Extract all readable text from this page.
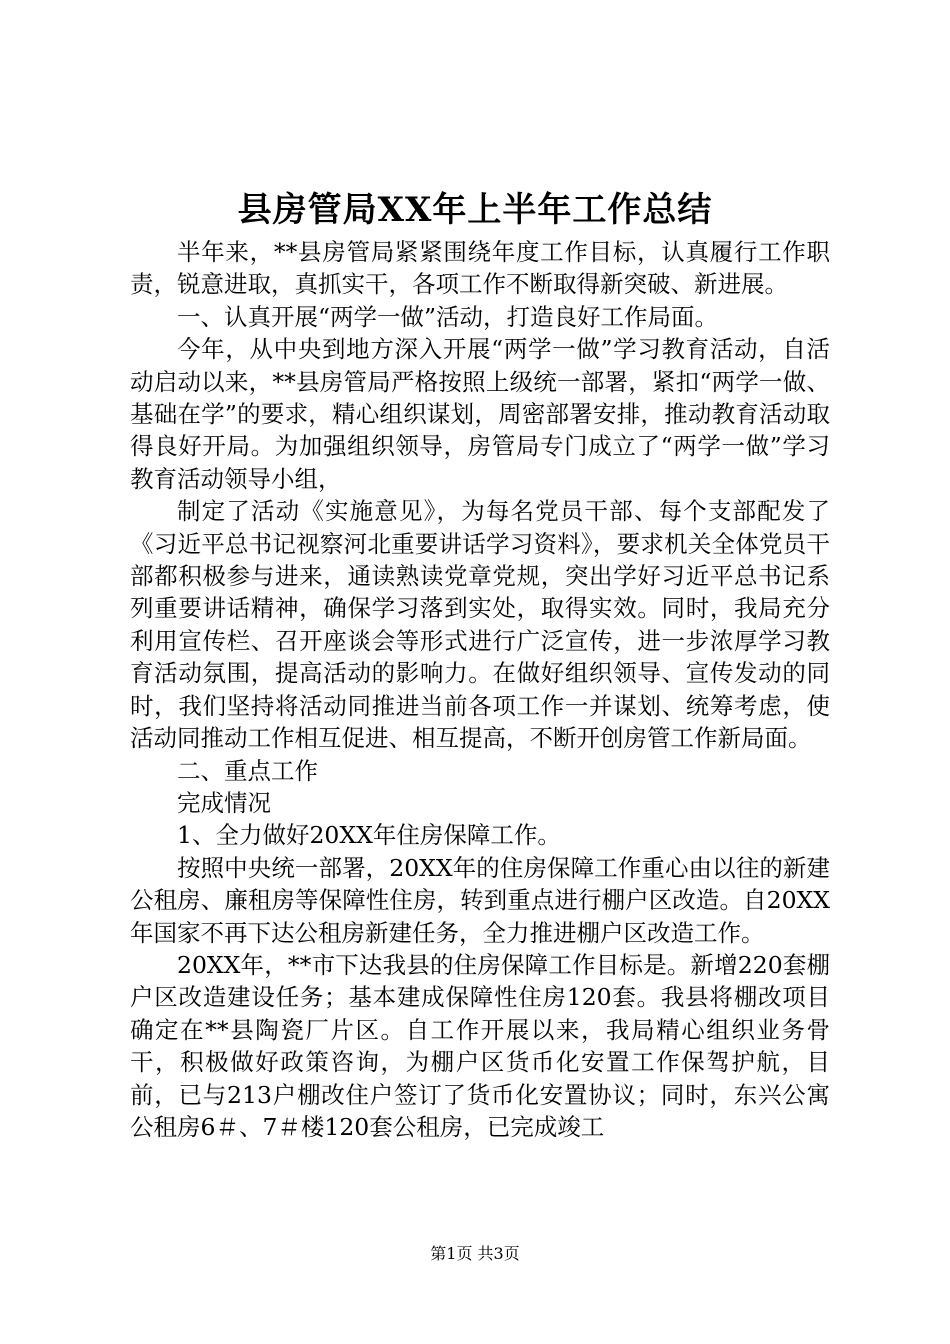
县房管局XX年上半年工作总结

半年来，**县房管局紧紧围绕年度工作目标，认真履行工作职责，锐意进取，真抓实干，各项工作不断取得新突破、新进展。

一、认真开展“两学一做”活动，打造良好工作局面。

今年，从中央到地方深入开展“两学一做”学习教育活动，自活动启动以来，**县房管局严格按照上级统一部署，紧扣“两学一做、基础在学”的要求，精心组织谋划，周密部署安排，推动教育活动取得良好开局。为加强组织领导，房管局专门成立了“两学一做”学习教育活动领导小组，

制定了活动《实施意见》，为每名党员干部、每个支部配发了《习近平总书记视察河北重要讲话学习资料》，要求机关全体党员干部都积极参与进来，通读熟读党章党规，突出学好习近平总书记系列重要讲话精神，确保学习落到实处，取得实效。同时，我局充分利用宣传栏、召开座谈会等形式进行广泛宣传，进一步浓厚学习教育活动氛围，提高活动的影响力。在做好组织领导、宣传发动的同时，我们坚持将活动同推进当前各项工作一并谋划、统筹考虑，使活动同推动工作相互促进、相互提高，不断开创房管工作新局面。

二、重点工作

完成情况

1、全力做好20XX年住房保障工作。

按照中央统一部署，20XX年的住房保障工作重心由以往的新建公租房、廉租房等保障性住房，转到重点进行棚户区改造。自20XX年国家不再下达公租房新建任务，全力推进棚户区改造工作。

20XX年，**市下达我县的住房保障工作目标是。新增220套棚户区改造建设任务；基本建成保障性住房120套。我县将棚改项目确定在**县陶瓷厂片区。自工作开展以来，我局精心组织业务骨干，积极做好政策咨询，为棚户区货币化安置工作保驾护航，目前，已与213户棚改住户签订了货币化安置协议；同时，东兴公寓公租房6＃、7＃楼120套公租房，已完成竣工

第1页 共3页
